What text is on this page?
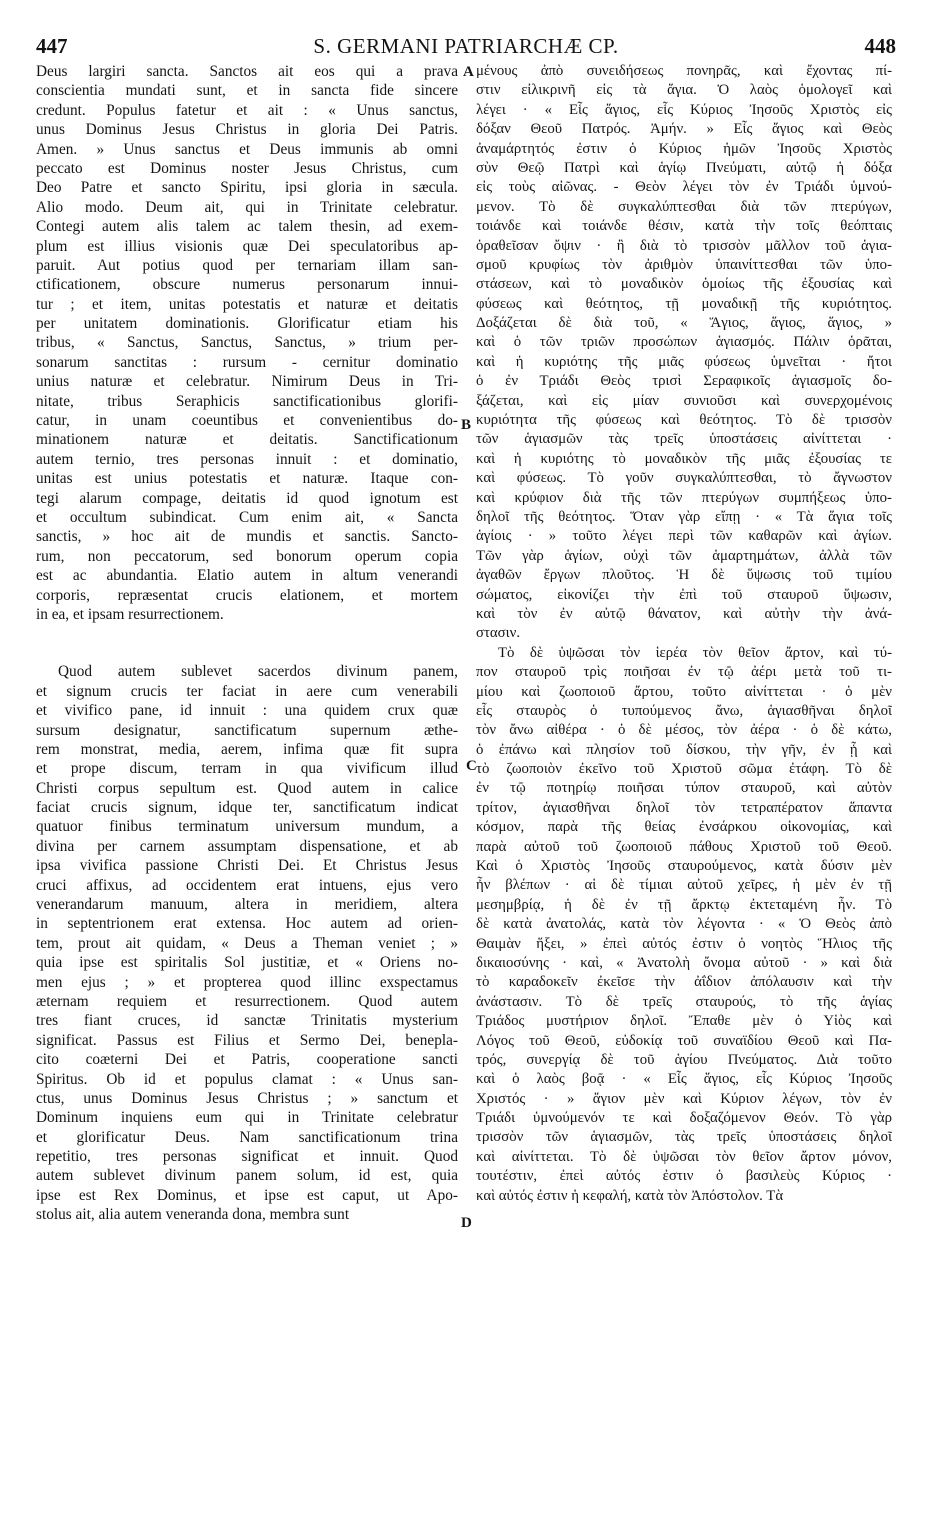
447	S. GERMANI PATRIARCHÆ CP.	448
Deus largiri sancta. Sanctos ait eos qui a prava
conscientia mundati sunt, et in sancta fide sincere
credunt. Populus fatetur et ait : « Unus sanctus,
unus Dominus Jesus Christus in gloria Dei Patris.
Amen. » Unus sanctus et Deus immunis ab omni
peccato est Dominus noster Jesus Christus, cum
Deo Patre et sancto Spiritu, ipsi gloria in sæcula.
Alio modo. Deum ait, qui in Trinitate celebratur.
Contegi autem alis talem ac talem thesin, ad exem-
plum est illius visionis quæ Dei speculatoribus ap-
paruit. Aut potius quod per ternariam illam san-
ctificationem, obscure numerus personarum innui-
tur ; et item, unitas potestatis et naturæ et deitatis
per unitatem dominationis. Glorificatur etiam his
tribus, « Sanctus, Sanctus, Sanctus, » trium per-
sonarum sanctitas : rursum - cernitur dominatio
unius naturæ et celebratur. Nimirum Deus in Tri-
nitate, tribus Seraphicis sanctificationibus glorifi-
catur, in unam coeuntibus et convenientibus do-
minationem naturæ et deitatis. Sanctificationum
autem ternio, tres personas innuit : et dominatio,
unitas est unius potestatis et naturæ. Itaque con-
tegi alarum compage, deitatis id quod ignotum est
et occultum subindicat. Cum enim ait, « Sancta
sanctis, » hoc ait de mundis et sanctis. Sancto-
rum, non peccatorum, sed bonorum operum copia
est ac abundantia. Elatio autem in altum venerandi
corporis, repræsentat crucis elationem, et mortem
in ea, et ipsam resurrectionem.
Quod autem sublevet sacerdos divinum panem,
et signum crucis ter faciat in aere cum venerabili
et vivifico pane, id innuit : una quidem crux quæ
sursum designatur, sanctificatum supernum æthe-
rem monstrat, media, aerem, infima quæ fit supra
et prope discum, terram in qua vivificum illud
Christi corpus sepultum est. Quod autem in calice
faciat crucis signum, idque ter, sanctificatum indicat
quatuor finibus terminatum universum mundum, a
divina per carnem assumptam dispensatione, et ab
ipsa vivifica passione Christi Dei. Et Christus Jesus
cruci affixus, ad occidentem erat intuens, ejus vero
venerandarum manuum, altera in meridiem, altera
in septentrionem erat extensa. Hoc autem ad orien-
tem, prout ait quidam, « Deus a Theman veniet ; »
quia ipse est spiritalis Sol justitiæ, et « Oriens no-
men ejus ; » et propterea quod illinc exspectamus
æternam requiem et resurrectionem. Quod autem
tres fiant cruces, id sanctæ Trinitatis mysterium
significat. Passus est Filius et Sermo Dei, benepla-
cito coæterni Dei et Patris, cooperatione sancti
Spiritus. Ob id et populus clamat : « Unus san-
ctus, unus Dominus Jesus Christus ; » sanctum et
Dominum inquiens eum qui in Trinitate celebratur
et glorificatur Deus. Nam sanctificationum trina
repetitio, tres personas significat et innuit. Quod
autem sublevet divinum panem solum, id est, quia
ipse est Rex Dominus, et ipse est caput, ut Apo-
stolus ait, alia autem veneranda dona, membra sunt
μένους ἀπὸ συνειδήσεως πονηρᾶς, καὶ ἔχοντας πί-
στιν εἰλικρινῆ εἰς τὰ ἅγια. Ὁ λαὸς ὁμολογεῖ καὶ
λέγει · « Εἷς ἅγιος, εἷς Κύριος Ἰησοῦς Χριστὸς εἰς
δόξαν Θεοῦ Πατρός. Ἀμήν. » Εἷς ἅγιος καὶ Θεὸς
ἀναμάρτητός ἐστιν ὁ Κύριος ἡμῶν Ἰησοῦς Χριστὸς
σὺν Θεῷ Πατρὶ καὶ ἁγίῳ Πνεύματι, αὐτῷ ἡ δόξα
εἰς τοὺς αἰῶνας. - Θεὸν λέγει τὸν ἐν Τριάδι ὑμνού-
μενον. Τὸ δὲ συγκαλύπτεσθαι διὰ τῶν πτερύγων,
τοιάνδε καὶ τοιάνδε θέσιν, κατὰ τὴν τοῖς θεόπταις
ὁραθεῖσαν ὄψιν · ἢ διὰ τὸ τρισσὸν μᾶλλον τοῦ ἁγια-
σμοῦ κρυφίως τὸν ἀριθμὸν ὑπαινίττεσθαι τῶν ὑπο-
στάσεων, καὶ τὸ μοναδικὸν ὁμοίως τῆς ἐξουσίας καὶ
φύσεως καὶ θεότητος, τῇ μοναδικῇ τῆς κυριότητος.
Δοξάζεται δὲ διὰ τοῦ, « Ἅγιος, ἅγιος, ἅγιος, »
καὶ ὁ τῶν τριῶν προσώπων ἁγιασμός. Πάλιν ὁρᾶται,
καὶ ἡ κυριότης τῆς μιᾶς φύσεως ὑμνεῖται · ἤτοι
ὁ ἐν Τριάδι Θεὸς τρισὶ Σεραφικοῖς ἁγιασμοῖς δο-
ξάζεται, καὶ εἰς μίαν συνιοῦσι καὶ συνερχομένοις
κυριότητα τῆς φύσεως καὶ θεότητος. Τὸ δὲ τρισσὸν
τῶν ἁγιασμῶν τὰς τρεῖς ὑποστάσεις αἰνίττεται ·
καὶ ἡ κυριότης τὸ μοναδικὸν τῆς μιᾶς ἐξουσίας τε
καὶ φύσεως. Τὸ γοῦν συγκαλύπτεσθαι, τὸ ἄγνωστον
καὶ κρύφιον διὰ τῆς τῶν πτερύγων συμπήξεως ὑπο-
δηλοῖ τῆς θεότητος. Ὅταν γὰρ εἴπῃ · « Τὰ ἅγια τοῖς
ἁγίοις · » τοῦτο λέγει περὶ τῶν καθαρῶν καὶ ἁγίων.
Τῶν γὰρ ἁγίων, οὐχὶ τῶν ἁμαρτημάτων, ἀλλὰ τῶν
ἀγαθῶν ἔργων πλοῦτος. Ἡ δὲ ὕψωσις τοῦ τιμίου
σώματος, εἰκονίζει τὴν ἐπὶ τοῦ σταυροῦ ὕψωσιν,
καὶ τὸν ἐν αὐτῷ θάνατον, καὶ αὐτὴν τὴν ἀνά-
στασιν.
Τὸ δὲ ὑψῶσαι τὸν ἱερέα τὸν θεῖον ἄρτον, καὶ τύ-
πον σταυροῦ τρὶς ποιῆσαι ἐν τῷ ἀέρι μετὰ τοῦ τι-
μίου καὶ ζωοποιοῦ ἄρτου, τοῦτο αἰνίττεται · ὁ μὲν
εἷς σταυρὸς ὁ τυπούμενος ἄνω, ἁγιασθῆναι δηλοῖ
τὸν ἄνω αἰθέρα · ὁ δὲ μέσος, τὸν ἀέρα · ὁ δὲ κάτω,
ὁ ἐπάνω καὶ πλησίον τοῦ δίσκου, τὴν γῆν, ἐν ᾗ καὶ
τὸ ζωοποιὸν ἐκεῖνο τοῦ Χριστοῦ σῶμα ἐτάφη. Τὸ δὲ
ἐν τῷ ποτηρίῳ ποιῆσαι τύπον σταυροῦ, καὶ αὐτὸν
τρίτον, ἁγιασθῆναι δηλοῖ τὸν τετραπέρατον ἅπαντα
κόσμον, παρὰ τῆς θείας ἐνσάρκου οἰκονομίας, καὶ
παρὰ αὐτοῦ τοῦ ζωοποιοῦ πάθους Χριστοῦ τοῦ Θεοῦ.
Καὶ ὁ Χριστὸς Ἰησοῦς σταυρούμενος, κατὰ δύσιν μὲν
ἦν βλέπων · αἱ δὲ τίμιαι αὐτοῦ χεῖρες, ἡ μὲν ἐν τῇ
μεσημβρίᾳ, ἡ δὲ ἐν τῇ ἄρκτῳ ἐκτεταμένη ἦν. Τὸ
δὲ κατὰ ἀνατολάς, κατὰ τὸν λέγοντα · « Ὁ Θεὸς ἀπὸ
Θαιμὰν ἥξει, » ἐπεὶ αὐτός ἐστιν ὁ νοητὸς Ἥλιος τῆς
δικαιοσύνης · καὶ, « Ἀνατολὴ ὄνομα αὐτοῦ · » καὶ διὰ
τὸ καραδοκεῖν ἐκεῖσε τὴν ἀΐδιον ἀπόλαυσιν καὶ τὴν
ἀνάστασιν. Τὸ δὲ τρεῖς σταυρούς, τὸ τῆς ἁγίας
Τριάδος μυστήριον δηλοῖ. Ἔπαθε μὲν ὁ Υἱὸς καὶ
Λόγος τοῦ Θεοῦ, εὐδοκίᾳ τοῦ συναϊδίου Θεοῦ καὶ Πα-
τρός, συνεργίᾳ δὲ τοῦ ἁγίου Πνεύματος. Διὰ τοῦτο
καὶ ὁ λαὸς βοᾷ · « Εἷς ἅγιος, εἷς Κύριος Ἰησοῦς
Χριστός · » ἅγιον μὲν καὶ Κύριον λέγων, τὸν ἐν
Τριάδι ὑμνούμενόν τε καὶ δοξαζόμενον Θεόν. Τὸ γὰρ
τρισσὸν τῶν ἁγιασμῶν, τὰς τρεῖς ὑποστάσεις δηλοῖ
καὶ αἰνίττεται. Τὸ δὲ ὑψῶσαι τὸν θεῖον ἄρτον μόνον,
τουτέστιν, ἐπεὶ αὐτός ἐστιν ὁ βασιλεὺς Κύριος ·
καὶ αὐτός ἐστιν ἡ κεφαλή, κατὰ τὸν Ἀπόστολον. Τὰ
A
B
C
D
